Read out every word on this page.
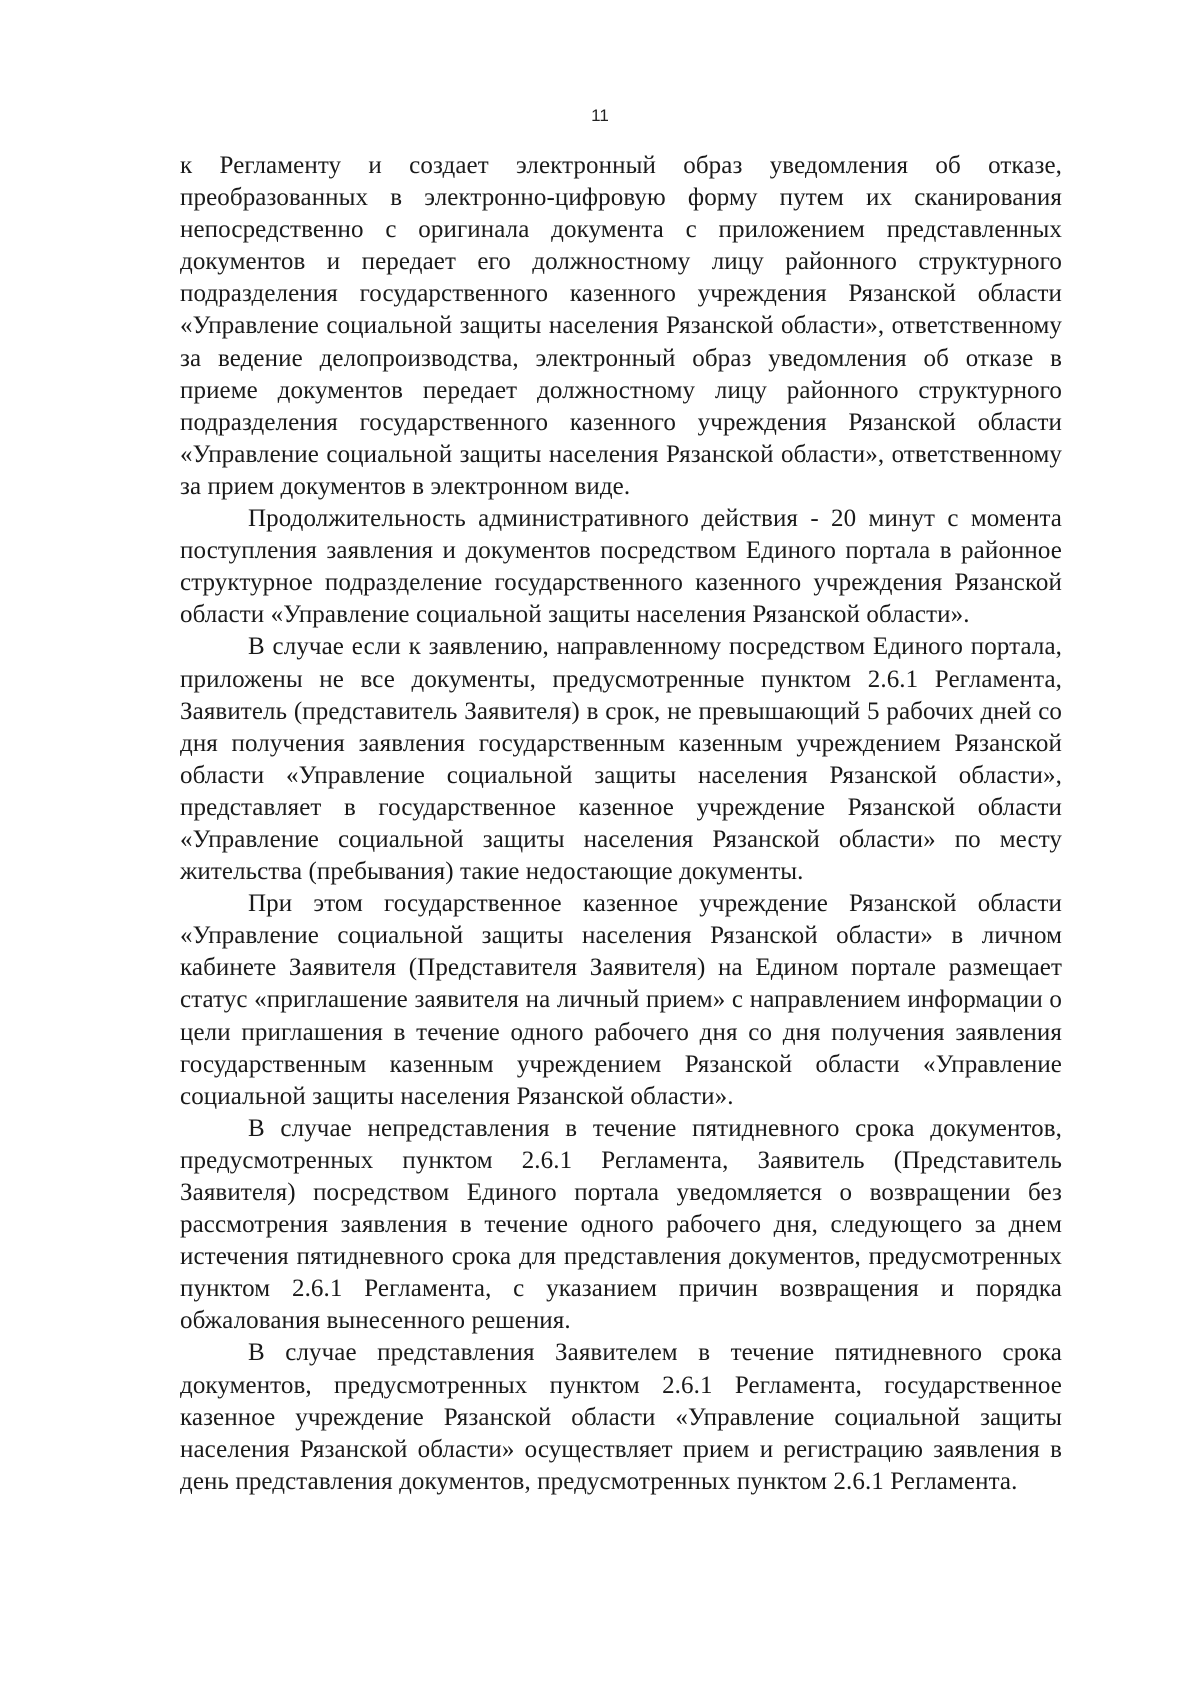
11

к Регламенту и создает электронный образ уведомления об отказе, преобразованных в электронно-цифровую форму путем их сканирования непосредственно с оригинала документа с приложением представленных документов и передает его должностному лицу районного структурного подразделения государственного казенного учреждения Рязанской области «Управление социальной защиты населения Рязанской области», ответственному за ведение делопроизводства, электронный образ уведомления об отказе в приеме документов передает должностному лицу районного структурного подразделения государственного казенного учреждения Рязанской области «Управление социальной защиты населения Рязанской области», ответственному за прием документов в электронном виде.

Продолжительность административного действия - 20 минут с момента поступления заявления и документов посредством Единого портала в районное структурное подразделение государственного казенного учреждения Рязанской области «Управление социальной защиты населения Рязанской области».

В случае если к заявлению, направленному посредством Единого портала, приложены не все документы, предусмотренные пунктом 2.6.1 Регламента, Заявитель (представитель Заявителя) в срок, не превышающий 5 рабочих дней со дня получения заявления государственным казенным учреждением Рязанской области «Управление социальной защиты населения Рязанской области», представляет в государственное казенное учреждение Рязанской области «Управление социальной защиты населения Рязанской области» по месту жительства (пребывания) такие недостающие документы.

При этом государственное казенное учреждение Рязанской области «Управление социальной защиты населения Рязанской области» в личном кабинете Заявителя (Представителя Заявителя) на Едином портале размещает статус «приглашение заявителя на личный прием» с направлением информации о цели приглашения в течение одного рабочего дня со дня получения заявления государственным казенным учреждением Рязанской области «Управление социальной защиты населения Рязанской области».

В случае непредставления в течение пятидневного срока документов, предусмотренных пунктом 2.6.1 Регламента, Заявитель (Представитель Заявителя) посредством Единого портала уведомляется о возвращении без рассмотрения заявления в течение одного рабочего дня, следующего за днем истечения пятидневного срока для представления документов, предусмотренных пунктом 2.6.1 Регламента, с указанием причин возвращения и порядка обжалования вынесенного решения.

В случае представления Заявителем в течение пятидневного срока документов, предусмотренных пунктом 2.6.1 Регламента, государственное казенное учреждение Рязанской области «Управление социальной защиты населения Рязанской области» осуществляет прием и регистрацию заявления в день представления документов, предусмотренных пунктом 2.6.1 Регламента.
